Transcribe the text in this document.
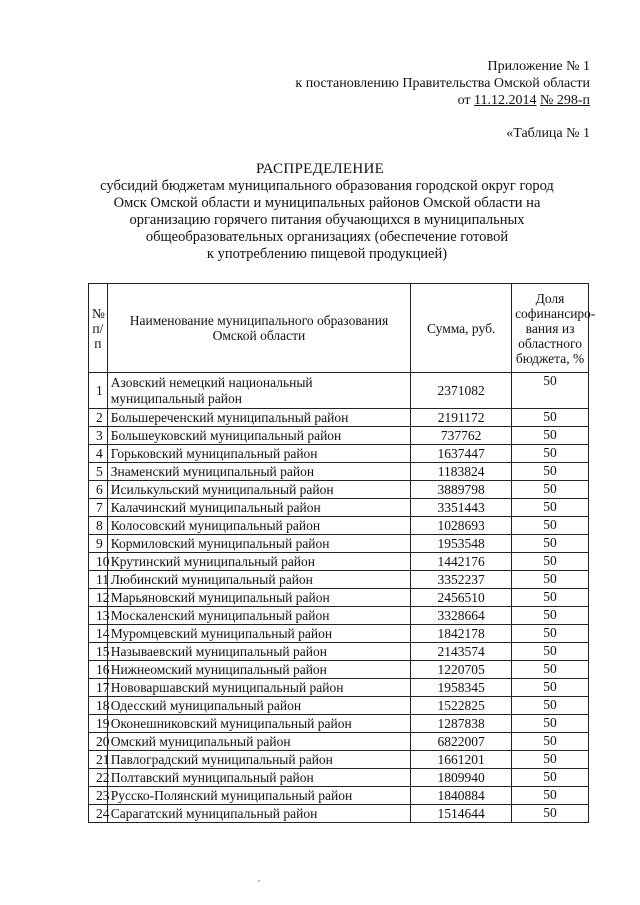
Приложение № 1
к постановлению Правительства Омской области
от 11.12.2014 № 298-п
«Таблица № 1
РАСПРЕДЕЛЕНИЕ
субсидий бюджетам муниципального образования городской округ город
Омск Омской области и муниципальных районов Омской области на
организацию горячего питания обучающихся в муниципальных
общеобразовательных организациях (обеспечение готовой
к употреблению пищевой продукцией)
№ п/п	Наименование муниципального образования Омской области	Сумма, руб.	Доля софинансиро-вания из областного бюджета, %
1	Азовский немецкий национальный муниципальный район	2371082	50
2	Большереченский муниципальный район	2191172	50
3	Большеуковский муниципальный район	737762	50
4	Горьковский муниципальный район	1637447	50
5	Знаменский муниципальный район	1183824	50
6	Исилькульский муниципальный район	3889798	50
7	Калачинский муниципальный район	3351443	50
8	Колосовский муниципальный район	1028693	50
9	Кормиловский муниципальный район	1953548	50
10	Крутинский муниципальный район	1442176	50
11	Любинский муниципальный район	3352237	50
12	Марьяновский муниципальный район	2456510	50
13	Москаленский муниципальный район	3328664	50
14	Муромцевский муниципальный район	1842178	50
15	Называевский муниципальный район	2143574	50
16	Нижнеомский муниципальный район	1220705	50
17	Нововаршавский муниципальный район	1958345	50
18	Одесский муниципальный район	1522825	50
19	Оконешниковский муниципальный район	1287838	50
20	Омский муниципальный район	6822007	50
21	Павлоградский муниципальный район	1661201	50
22	Полтавский муниципальный район	1809940	50
23	Русско-Полянский муниципальный район	1840884	50
24	Сарагатский муниципальный район	1514644	50
